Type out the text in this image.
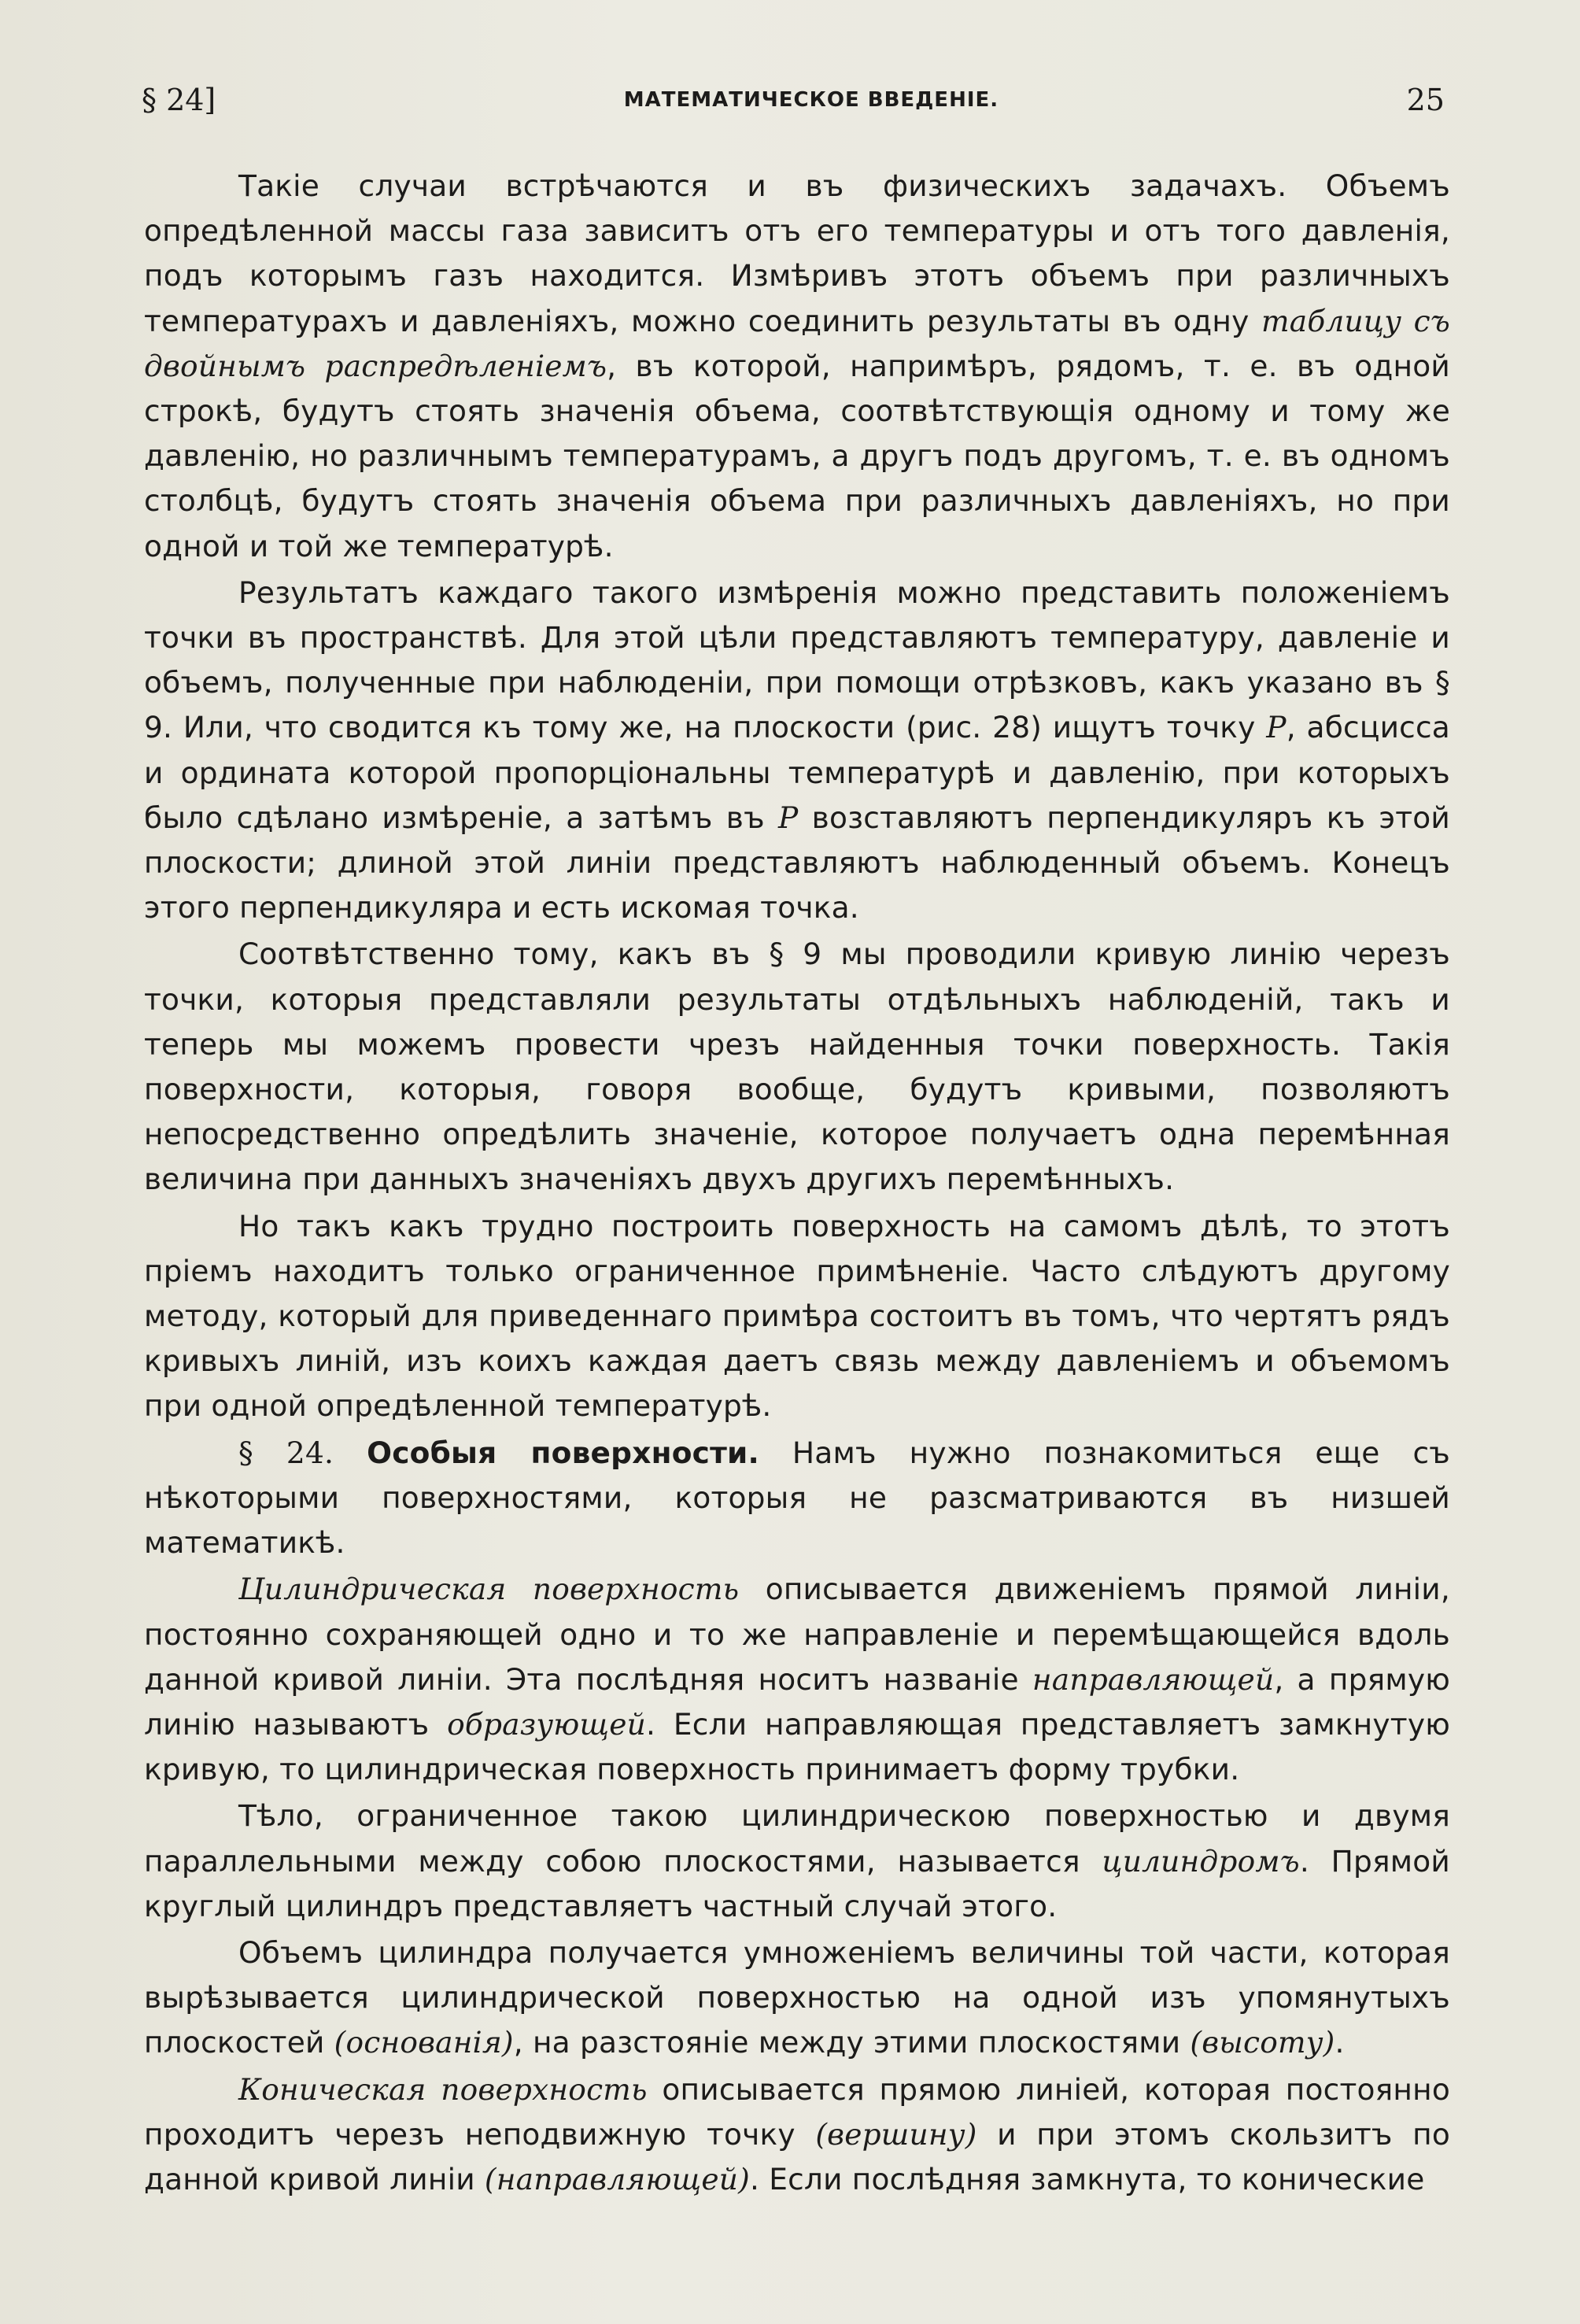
§ 24]	МАТЕМАТИЧЕСКОЕ ВВЕДЕНІЕ.	25

Такіе случаи встрѣчаются и въ физическихъ задачахъ. Объемъ опредѣленной массы газа зависитъ отъ его температуры и отъ того давленія, подъ которымъ газъ находится. Измѣривъ этотъ объемъ при различныхъ температурахъ и давленіяхъ, можно соединить результаты въ одну таблицу съ двойнымъ распредѣленіемъ, въ которой, напримѣръ, рядомъ, т. е. въ одной строкѣ, будутъ стоять значенія объема, соотвѣтствующія одному и тому же давленію, но различнымъ температурамъ, а другъ подъ другомъ, т. е. въ одномъ столбцѣ, будутъ стоять значенія объема при различныхъ давленіяхъ, но при одной и той же температурѣ.

Результатъ каждаго такого измѣренія можно представить положеніемъ точки въ пространствѣ. Для этой цѣли представляютъ температуру, давленіе и объемъ, полученные при наблюденіи, при помощи отрѣзковъ, какъ указано въ § 9. Или, что сводится къ тому же, на плоскости (рис. 28) ищутъ точку P, абсцисса и ордината которой пропорціональны температурѣ и давленію, при которыхъ было сдѣлано измѣреніе, а затѣмъ въ P возставляютъ перпендикуляръ къ этой плоскости; длиной этой линіи представляютъ наблюденный объемъ. Конецъ этого перпендикуляра и есть искомая точка.

Соотвѣтственно тому, какъ въ § 9 мы проводили кривую линію черезъ точки, которыя представляли результаты отдѣльныхъ наблюденій, такъ и теперь мы можемъ провести чрезъ найденныя точки поверхность. Такія поверхности, которыя, говоря вообще, будутъ кривыми, позволяютъ непосредственно опредѣлить значеніе, которое получаетъ одна перемѣнная величина при данныхъ значеніяхъ двухъ другихъ перемѣнныхъ.

Но такъ какъ трудно построить поверхность на самомъ дѣлѣ, то этотъ пріемъ находитъ только ограниченное примѣненіе. Часто слѣдуютъ другому методу, который для приведеннаго примѣра состоитъ въ томъ, что чертятъ рядъ кривыхъ линій, изъ коихъ каждая даетъ связь между давленіемъ и объемомъ при одной опредѣленной температурѣ.

§ 24. Особыя поверхности. Намъ нужно познакомиться еще съ нѣкоторыми поверхностями, которыя не разсматриваются въ низшей математикѣ.

Цилиндрическая поверхность описывается движеніемъ прямой линіи, постоянно сохраняющей одно и то же направленіе и перемѣщающейся вдоль данной кривой линіи. Эта послѣдняя носитъ названіе направляющей, а прямую линію называютъ образующей. Если направляющая представляетъ замкнутую кривую, то цилиндрическая поверхность принимаетъ форму трубки.

Тѣло, ограниченное такою цилиндрическою поверхностью и двумя параллельными между собою плоскостями, называется цилиндромъ. Прямой круглый цилиндръ представляетъ частный случай этого.

Объемъ цилиндра получается умноженіемъ величины той части, которая вырѣзывается цилиндрической поверхностью на одной изъ упомянутыхъ плоскостей (основанія), на разстояніе между этими плоскостями (высоту).

Коническая поверхность описывается прямою линіей, которая постоянно проходитъ черезъ неподвижную точку (вершину) и при этомъ скользитъ по данной кривой линіи (направляющей). Если послѣдняя замкнута, то конические
